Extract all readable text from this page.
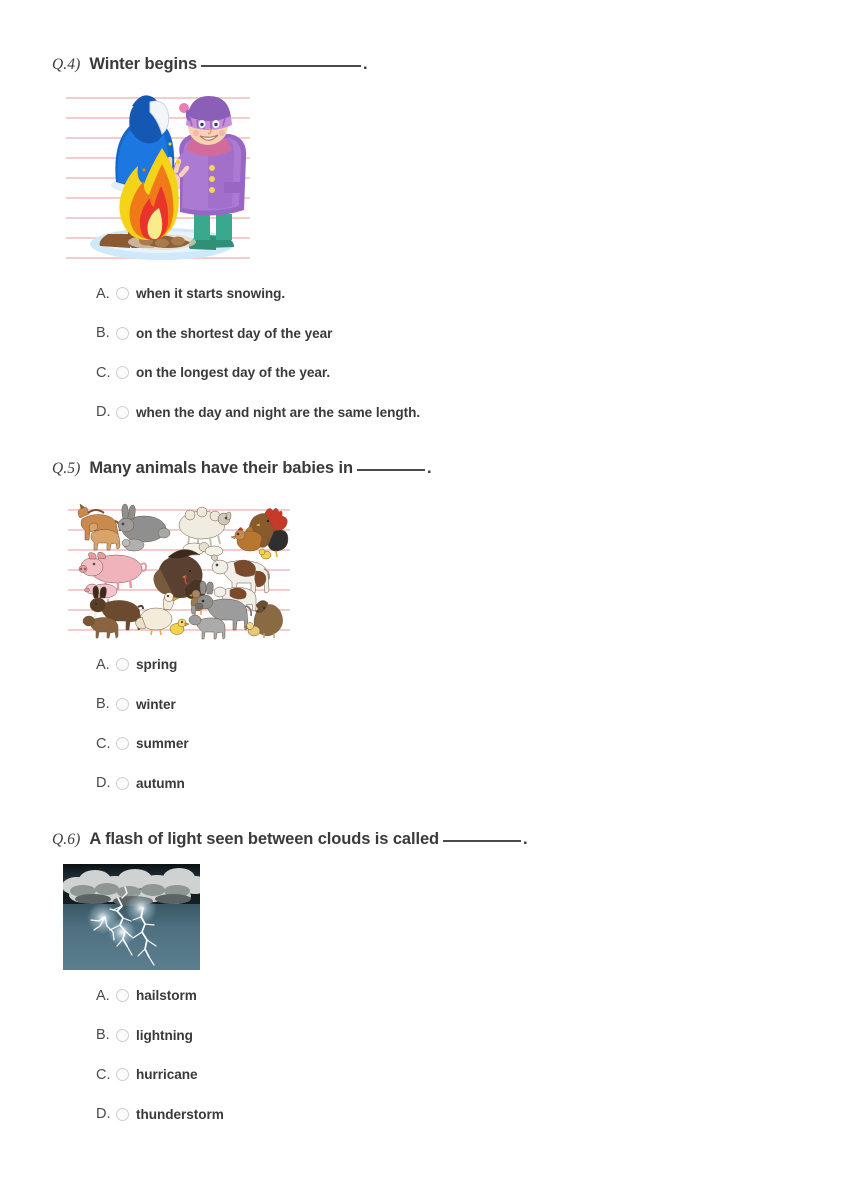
Q.4) Winter begins	.
A.	when it starts snowing.
B.	on the shortest day of the year
C.	on the longest day of the year.
D.	when the day and night are the same length.
Q.5) Many animals have their babies in	.
A.	spring
B.	winter
C.	summer
D.	autumn
Q.6) A flash of light seen between clouds is called	.
A.	hailstorm
B.	lightning
C.	hurricane
D.	thunderstorm
